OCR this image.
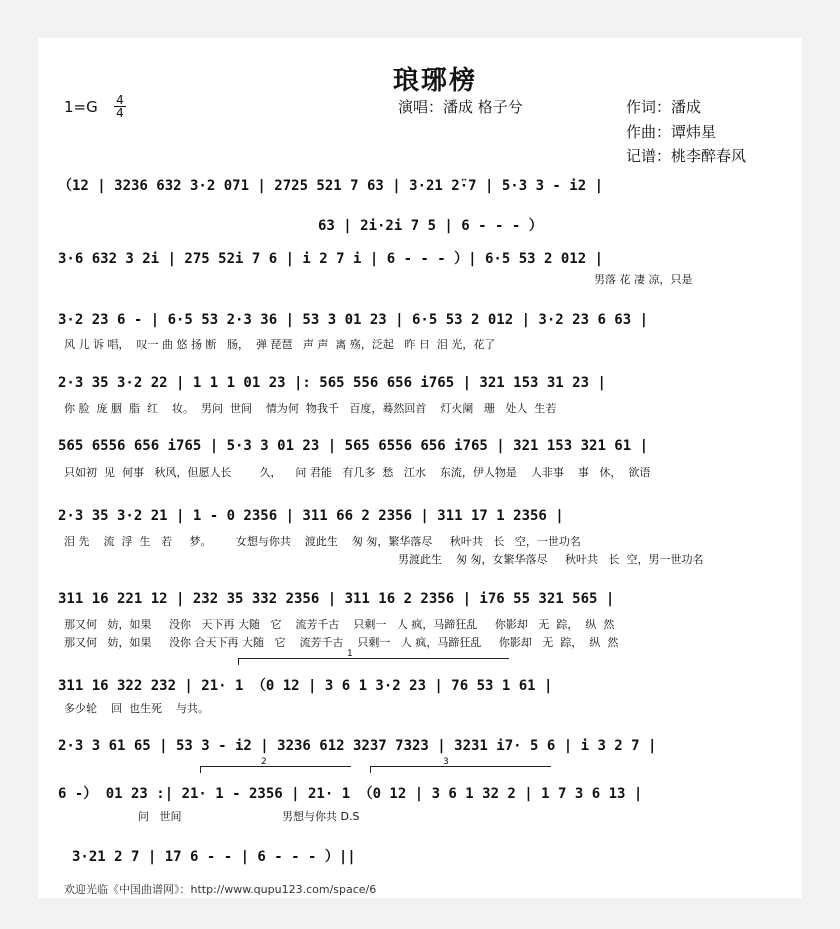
琅琊榜
1=G 4
4	演唱：潘成 格子兮	作词：潘成
作曲：谭炜星
记谱：桃李醉春风
（12 | 3236 632 3·2 071 | 2725 521 7 63 | 3·21 2̈·7 | 5·3 3 - i2 |
63 | 2i·2i 7 5 | 6 - - - ）
3·6 632 3 2i | 275 52i 7 6 | i 2 7 i | 6 - - - ）| 6·5 53 2 012 |
男落 花 凄 凉，只是
3·2 23 6 - | 6·5 53 2·3 36 | 53 3 01 23 | 6·5 53 2 012 | 3·2 23 6 63 |
风 儿 诉 唱，  叹一 曲 悠 扬 断   肠，  弹 琵琶   声 声  离 殇，泛起   昨 日  泪 光，花了
2·3 35 3·2 22 | 1 1 1 01 23 |: 565 556 656 i765 | 321 153 31 23 |
你 脸  庞 胭  脂  红    妆。  男问  世间    情为何  物我千   百度，蓦然回首    灯火阑   珊   处人  生若
565 6556 656 i765 | 5·3 3 01 23 | 565 6556 656 i765 | 321 153 321 61 |
只如初  见  何事   秋风，但愿人长        久，    问 君能   有几多  愁   江水    东流，伊人物是    人非事    事   休，  欲语
2·3 35 3·2 21 | 1 - 0 2356 | 311 66 2 2356 | 311 17 1 2356 |
泪 先    流  浮  生   若     梦。       女想与你共    渡此生    匆 匆，繁华落尽     秋叶共   长   空，一世功名
男渡此生    匆 匆，女繁华落尽     秋叶共   长  空，男一世功名
311 16 221 12 | 232 35 332 2356 | 311 16 2 2356 | i76 55 321 565 |
那又何   妨，如果     没你   天下再 大随   它    流芳千古    只剩一   人 疯，马蹄狂乱     你影却   无  踪，  纵  然
那又何   妨，如果     没你 合天下再 大随   它    流芳千古    只剩一   人 疯，马蹄狂乱     你影却   无  踪，  纵  然
1
311 16 322 232 | 21· 1 （0 12 | 3 6 1 3·2 23 | 76 53 1 61 |
多少轮    回  也生死    与共。
2·3 3 61 65 | 53 3 - i2 | 3236 612 3237 7323 | 3231 i7· 5 6 | i 3 2 7 |
2	3
6 -） 01 23 :| 21· 1 - 2356 | 21· 1 （0 12 | 3 6 1 32 2 | 1 7 3 6 13 |
问   世间	男想与你共 D.S
3·21 2 7 | 17 6 - - | 6 - - - ）||
欢迎光临《中国曲谱网》：http://www.qupu123.com/space/6
